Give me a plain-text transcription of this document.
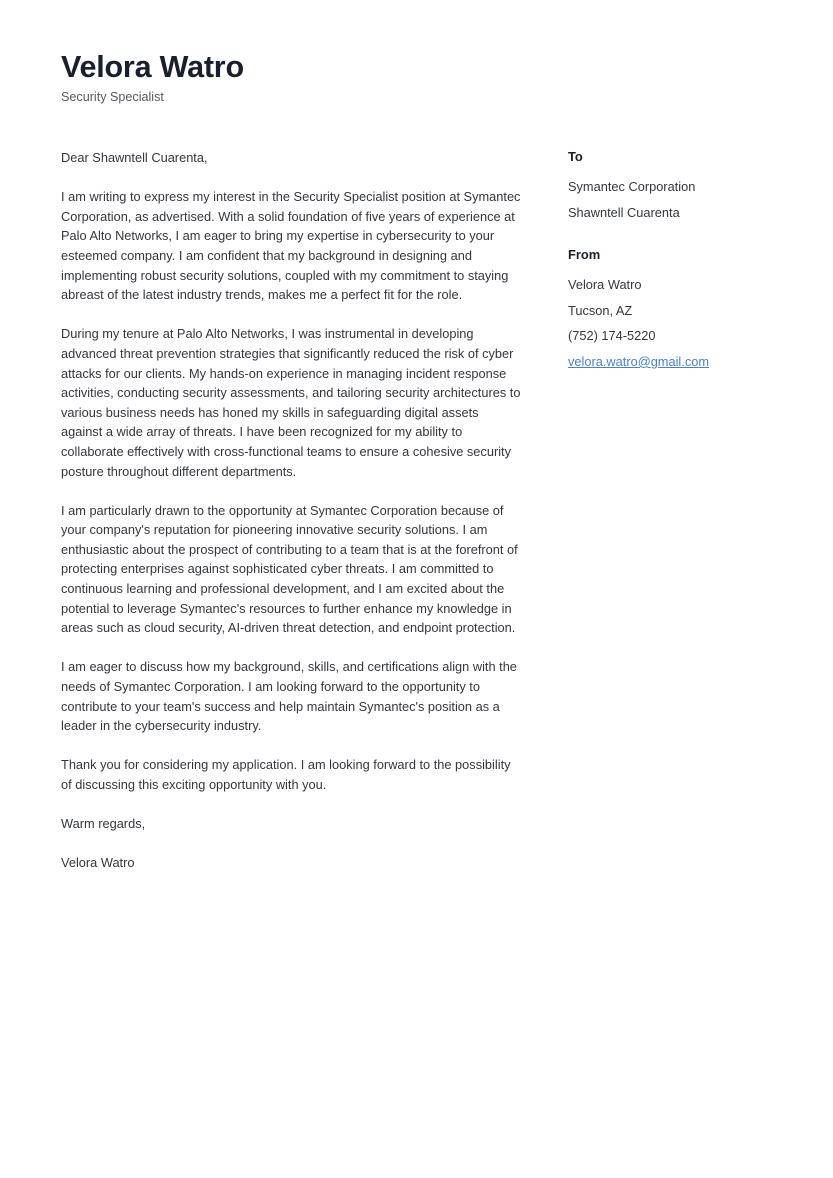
Velora Watro
Security Specialist

Dear Shawntell Cuarenta,

I am writing to express my interest in the Security Specialist position at Symantec Corporation, as advertised. With a solid foundation of five years of experience at Palo Alto Networks, I am eager to bring my expertise in cybersecurity to your esteemed company. I am confident that my background in designing and implementing robust security solutions, coupled with my commitment to staying abreast of the latest industry trends, makes me a perfect fit for the role.

During my tenure at Palo Alto Networks, I was instrumental in developing advanced threat prevention strategies that significantly reduced the risk of cyber attacks for our clients. My hands-on experience in managing incident response activities, conducting security assessments, and tailoring security architectures to various business needs has honed my skills in safeguarding digital assets against a wide array of threats. I have been recognized for my ability to collaborate effectively with cross-functional teams to ensure a cohesive security posture throughout different departments.

I am particularly drawn to the opportunity at Symantec Corporation because of your company's reputation for pioneering innovative security solutions. I am enthusiastic about the prospect of contributing to a team that is at the forefront of protecting enterprises against sophisticated cyber threats. I am committed to continuous learning and professional development, and I am excited about the potential to leverage Symantec's resources to further enhance my knowledge in areas such as cloud security, AI-driven threat detection, and endpoint protection.

I am eager to discuss how my background, skills, and certifications align with the needs of Symantec Corporation. I am looking forward to the opportunity to contribute to your team's success and help maintain Symantec's position as a leader in the cybersecurity industry.

Thank you for considering my application. I am looking forward to the possibility of discussing this exciting opportunity with you.

Warm regards,

Velora Watro

To
Symantec Corporation
Shawntell Cuarenta
From
Velora Watro
Tucson, AZ
(752) 174-5220
velora.watro@gmail.com
